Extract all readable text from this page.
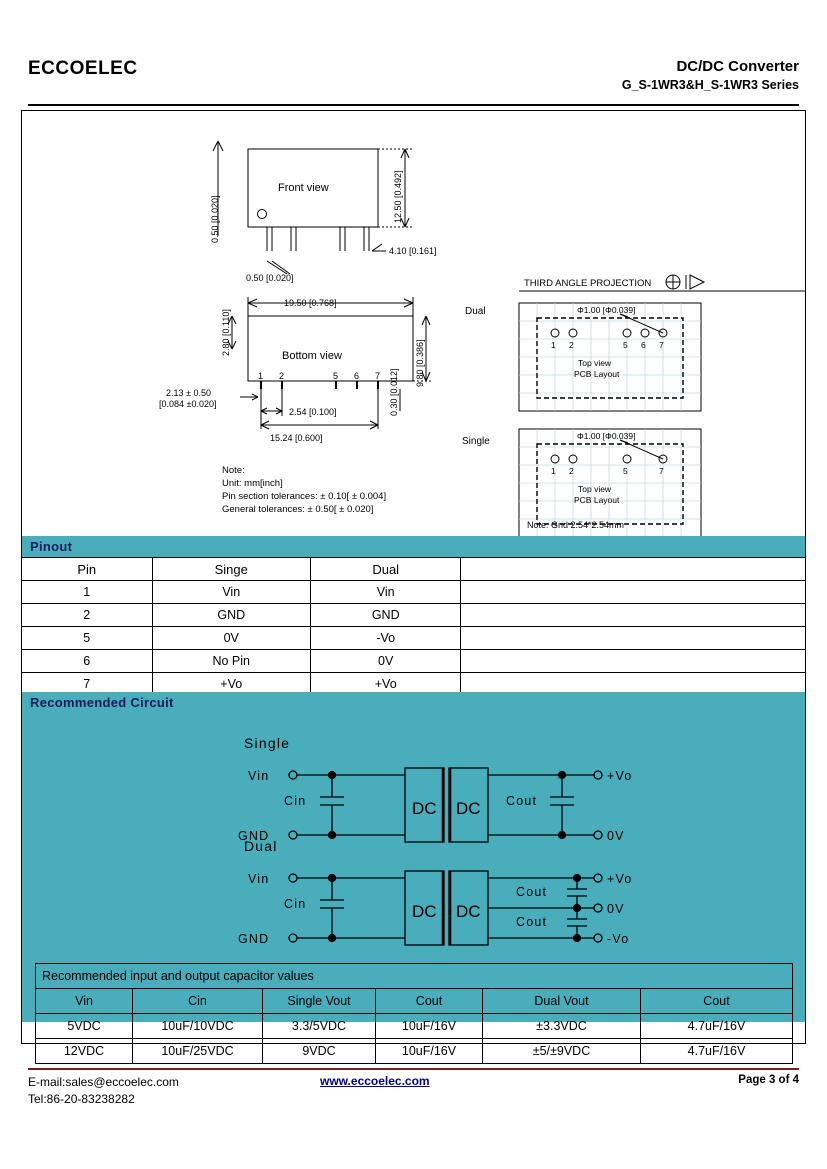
ECCOELEC	DC/DC Converter
G_S-1WR3&H_S-1WR3 Series
0.50 [0.020]	12.50 [0.492]
4.10 [0.161]
0.50 [0.020]
19.50 [0.768]
2.80 [0.110]
9.80 [0.386]
0.30 [0.012]
2.13 ± 0.50
[0.084 ±0.020]
2.54 [0.100]
15.24 [0.600]
Front view
Bottom view
1 2	5 6 7
Note:
Unit: mm[inch]
Pin section tolerances: ± 0.10[ ± 0.004]
General tolerances: ± 0.50[ ± 0.020]
THIRD ANGLE PROJECTION
Φ1.00 [Φ0.039]
1 2	5 6 7
Top view
PCB Layout
Φ1.00 [Φ0.039]
1 2	5	7
Top view
PCB Layout
Note: Grid 2.54*2.54mm
Dual
Single
Pinout
Pin	Singe	Dual	
1	Vin	Vin	
2	GND	GND	
5	0V	-Vo	
6	No Pin	0V	
7	+Vo	+Vo	
Recommended Circuit
Single
Vin
GND
Cin	DC DC Cout
+Vo
0V
Dual
Vin
GND
Cin	DC DC
Cout
Cout
+Vo
0V
-Vo
Recommended input and output capacitor values					
Vin	Cin	Single Vout	Cout	Dual Vout	Cout
5VDC	10uF/10VDC	3.3/5VDC	10uF/16V	±3.3VDC	4.7uF/16V
12VDC	10uF/25VDC	9VDC	10uF/16V	±5/±9VDC	4.7uF/16V
E-mail:sales@eccoelec.com
Tel:86-20-83238282
www.eccoelec.com	Page 3 of 4
